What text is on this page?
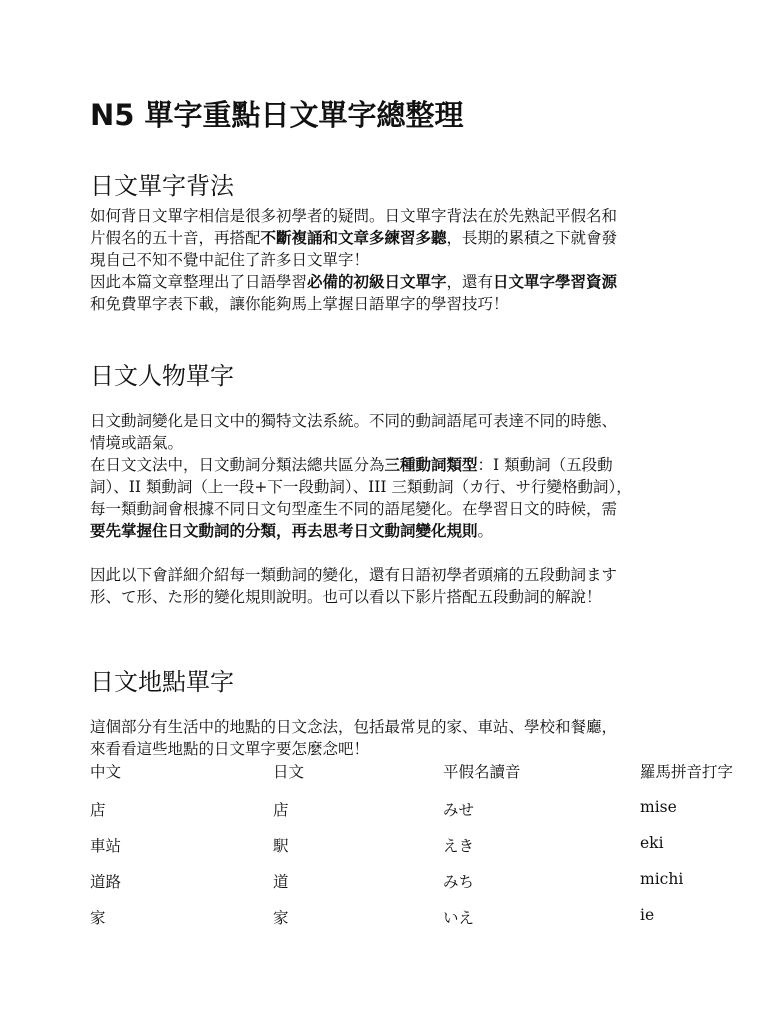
N5 單字重點日文單字總整理
日文單字背法
如何背日文單字相信是很多初學者的疑問。日文單字背法在於先熟記平假名和
片假名的五十音，再搭配不斷複誦和文章多練習多聽，長期的累積之下就會發
現自己不知不覺中記住了許多日文單字！
因此本篇文章整理出了日語學習必備的初級日文單字，還有日文單字學習資源
和免費單字表下載，讓你能夠馬上掌握日語單字的學習技巧！
日文人物單字
日文動詞變化是日文中的獨特文法系統。不同的動詞語尾可表達不同的時態、
情境或語氣。
在日文文法中，日文動詞分類法總共區分為三種動詞類型：I 類動詞（五段動
詞）、II 類動詞（上一段+下一段動詞）、III 三類動詞（カ行、サ行變格動詞），
每一類動詞會根據不同日文句型產生不同的語尾變化。在學習日文的時候，需
要先掌握住日文動詞的分類，再去思考日文動詞變化規則。
因此以下會詳細介紹每一類動詞的變化，還有日語初學者頭痛的五段動詞ます
形、て形、た形的變化規則說明。也可以看以下影片搭配五段動詞的解說！
日文地點單字
這個部分有生活中的地點的日文念法，包括最常見的家、車站、學校和餐廳，
來看看這些地點的日文單字要怎麼念吧！
中文	日文	平假名讀音	羅馬拼音打字
店	店	みせ	mise
車站	駅	えき	eki
道路	道	みち	michi
家	家	いえ	ie
